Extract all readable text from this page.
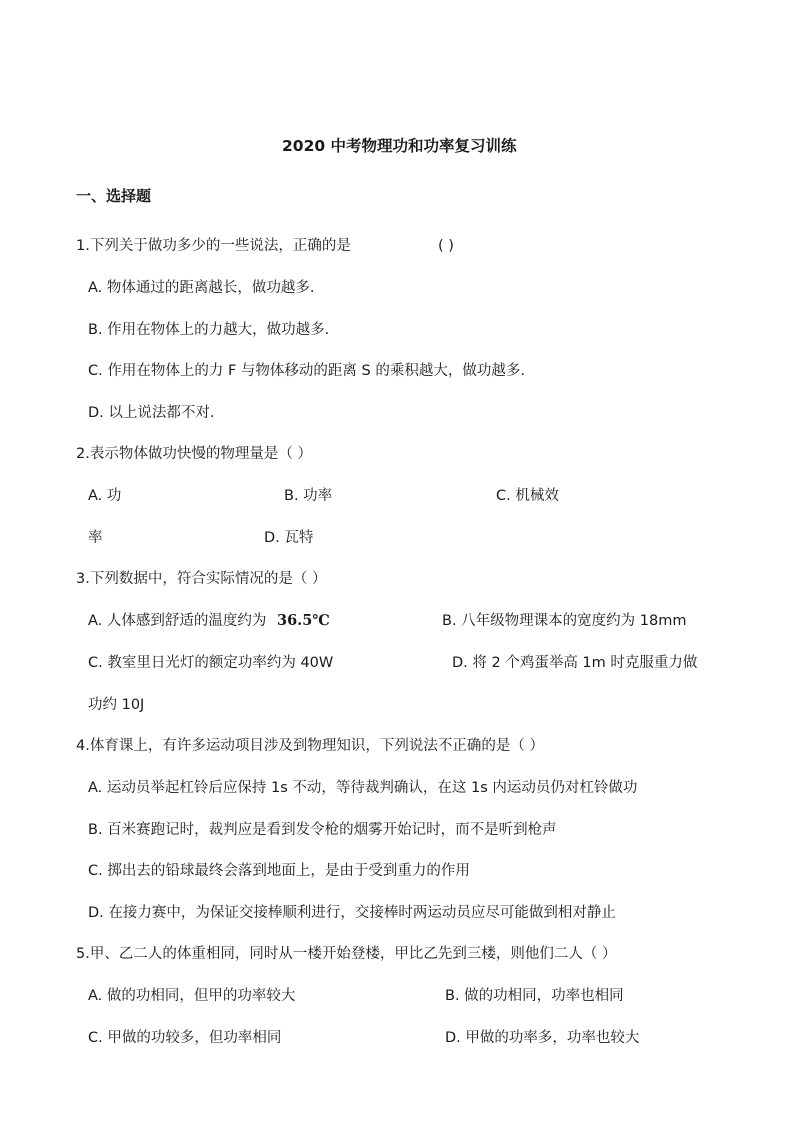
2020 中考物理功和功率复习训练
一、选择题
1.下列关于做功多少的一些说法，正确的是	( )
A. 物体通过的距离越长，做功越多.
B. 作用在物体上的力越大，做功越多.
C. 作用在物体上的力 F 与物体移动的距离 S 的乘积越大，做功越多.
D. 以上说法都不对.
2.表示物体做功快慢的物理量是（ ）
A. 功	B. 功率	C. 机械效
率	D. 瓦特
3.下列数据中，符合实际情况的是（ ）
A. 人体感到舒适的温度约为 36.5℃	B. 八年级物理课本的宽度约为 18mm
C. 教室里日光灯的额定功率约为 40W	D. 将 2 个鸡蛋举高 1m 时克服重力做
功约 10J
4.体育课上，有许多运动项目涉及到物理知识，下列说法不正确的是（ ）
A. 运动员举起杠铃后应保持 1s 不动，等待裁判确认，在这 1s 内运动员仍对杠铃做功
B. 百米赛跑记时，裁判应是看到发令枪的烟雾开始记时，而不是听到枪声
C. 掷出去的铅球最终会落到地面上，是由于受到重力的作用
D. 在接力赛中，为保证交接棒顺利进行，交接棒时两运动员应尽可能做到相对静止
5.甲、乙二人的体重相同，同时从一楼开始登楼，甲比乙先到三楼，则他们二人（ ）
A. 做的功相同，但甲的功率较大	B. 做的功相同，功率也相同
C. 甲做的功较多，但功率相同	D. 甲做的功率多，功率也较大
